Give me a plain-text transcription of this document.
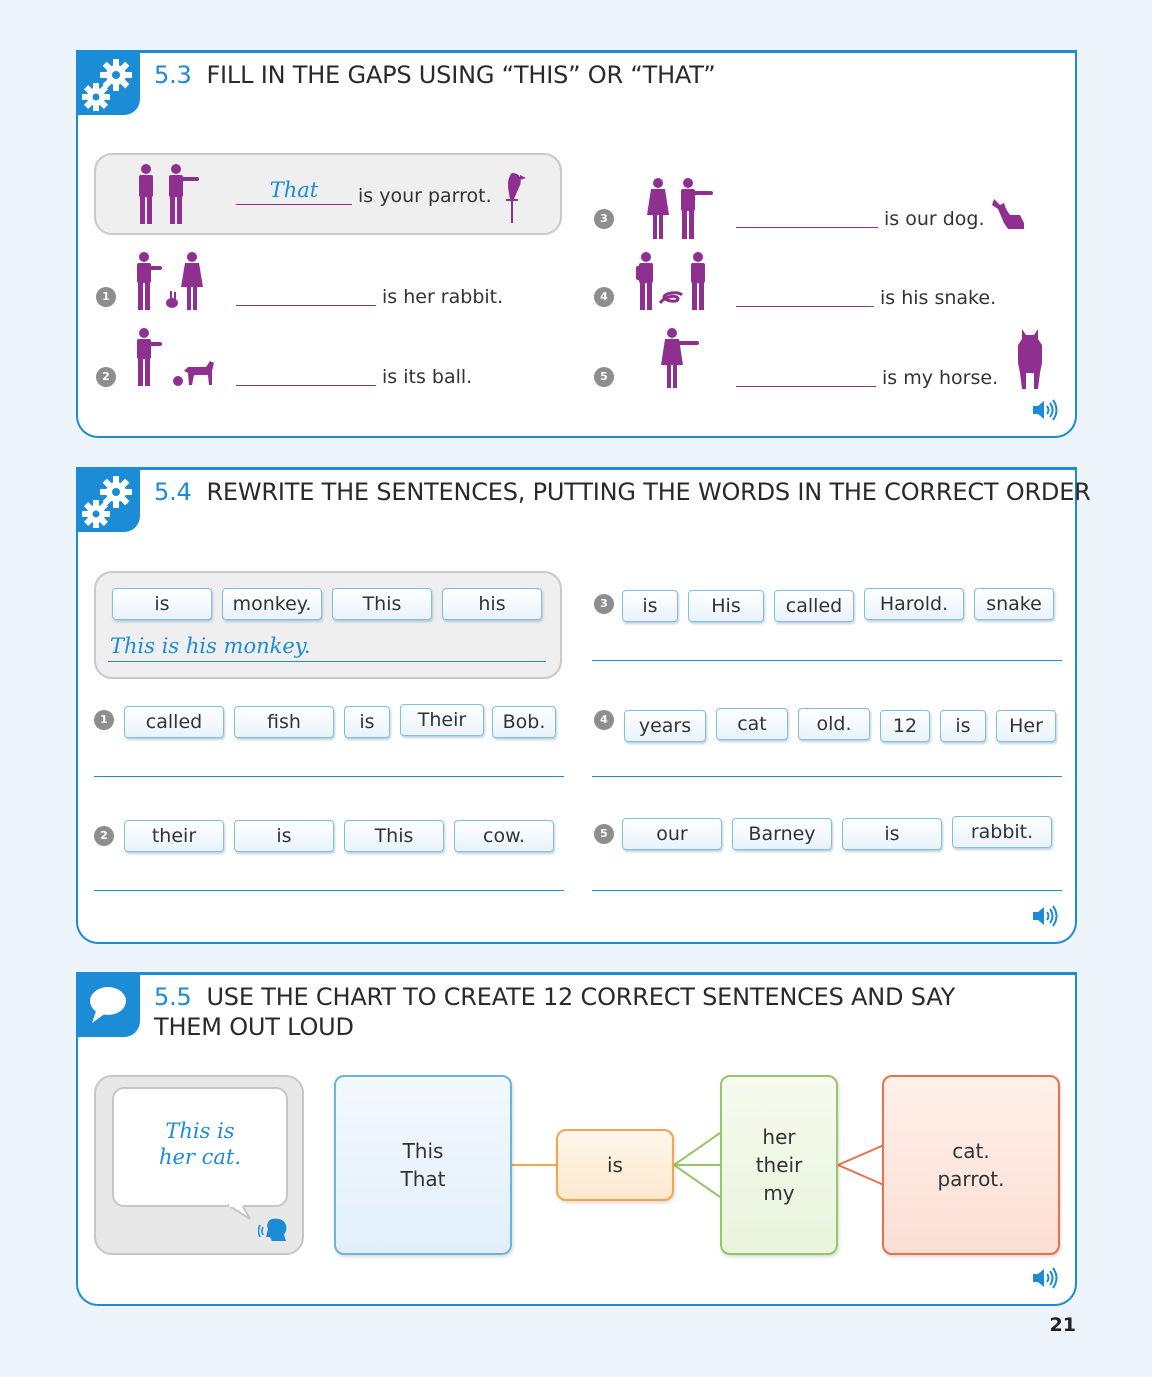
5.3 FILL IN THE GAPS USING “THIS” OR “THAT”
That	is your parrot.
1	is her rabbit.
2	is its ball.
3	is our dog.
4	is his snake.
5	is my horse.
5.4 REWRITE THE SENTENCES, PUTTING THE WORDS IN THE CORRECT ORDER
is	monkey.	This	his
This is his monkey.
1	called	fish	is	Their	Bob.
2	their	is	This	cow.
3	is	His	called	Harold.	snake
4	years	cat	old.	12	is	Her
5	our	Barney	is	rabbit.
5.5 USE THE CHART TO CREATE 12 CORRECT SENTENCES AND SAY THEM OUT LOUD
This is
her cat.	This
That
is
her
their
my
cat.
parrot.
21
